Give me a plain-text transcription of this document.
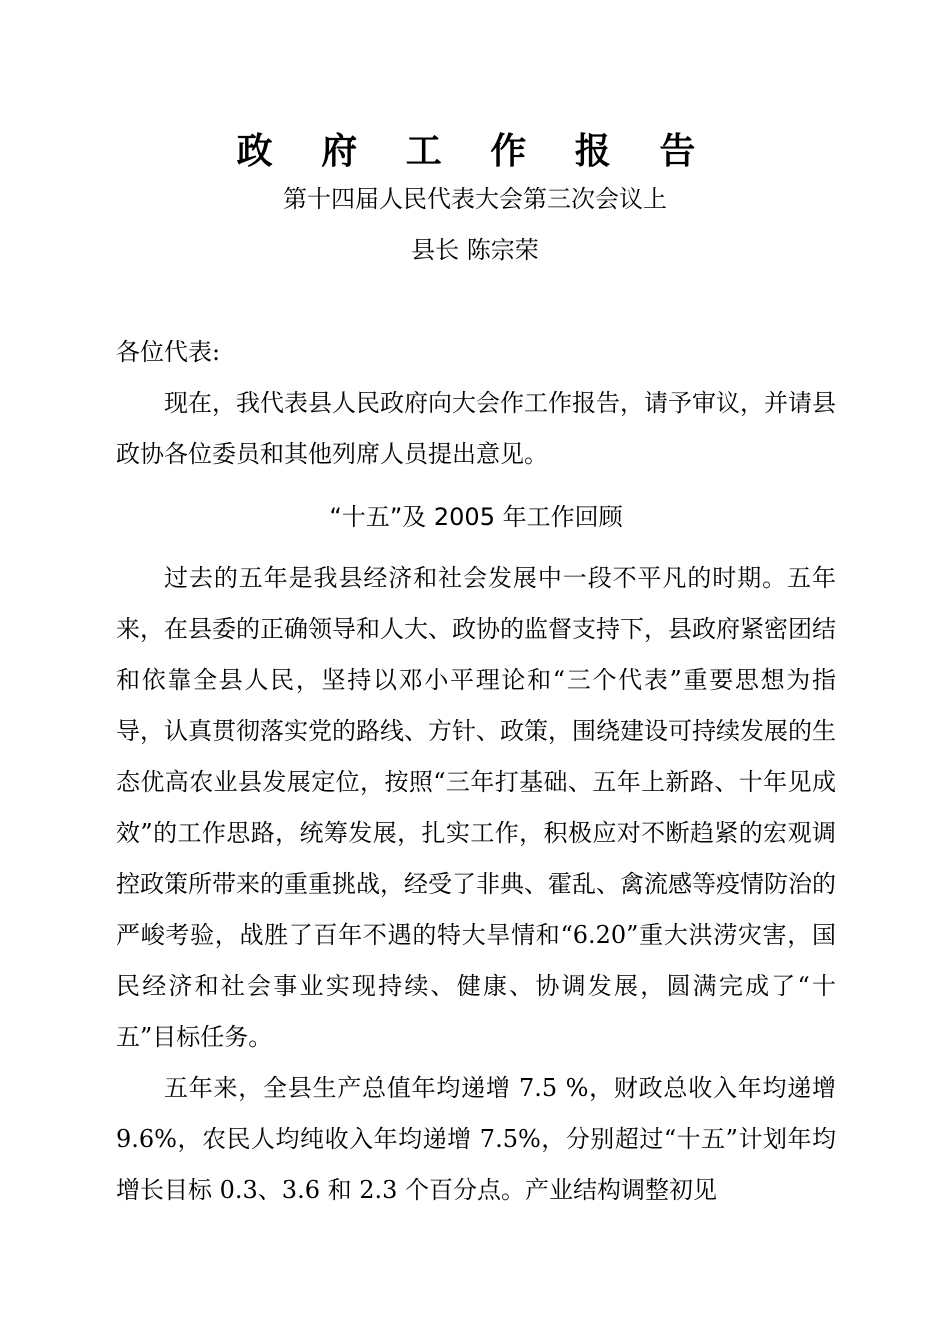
政 府 工 作 报 告
第十四届人民代表大会第三次会议上
县长 陈宗荣

各位代表:

现在，我代表县人民政府向大会作工作报告，请予审议，并请县政协各位委员和其他列席人员提出意见。

“十五”及 2005 年工作回顾

过去的五年是我县经济和社会发展中一段不平凡的时期。五年来，在县委的正确领导和人大、政协的监督支持下，县政府紧密团结和依靠全县人民，坚持以邓小平理论和“三个代表”重要思想为指导，认真贯彻落实党的路线、方针、政策，围绕建设可持续发展的生态优高农业县发展定位，按照“三年打基础、五年上新路、十年见成效”的工作思路，统筹发展，扎实工作，积极应对不断趋紧的宏观调控政策所带来的重重挑战，经受了非典、霍乱、禽流感等疫情防治的严峻考验，战胜了百年不遇的特大旱情和“6.20”重大洪涝灾害，国民经济和社会事业实现持续、健康、协调发展，圆满完成了“十五”目标任务。

五年来，全县生产总值年均递增 7.5 %，财政总收入年均递增 9.6%，农民人均纯收入年均递增 7.5%，分别超过“十五”计划年均增长目标 0.3、3.6 和 2.3 个百分点。产业结构调整初见
